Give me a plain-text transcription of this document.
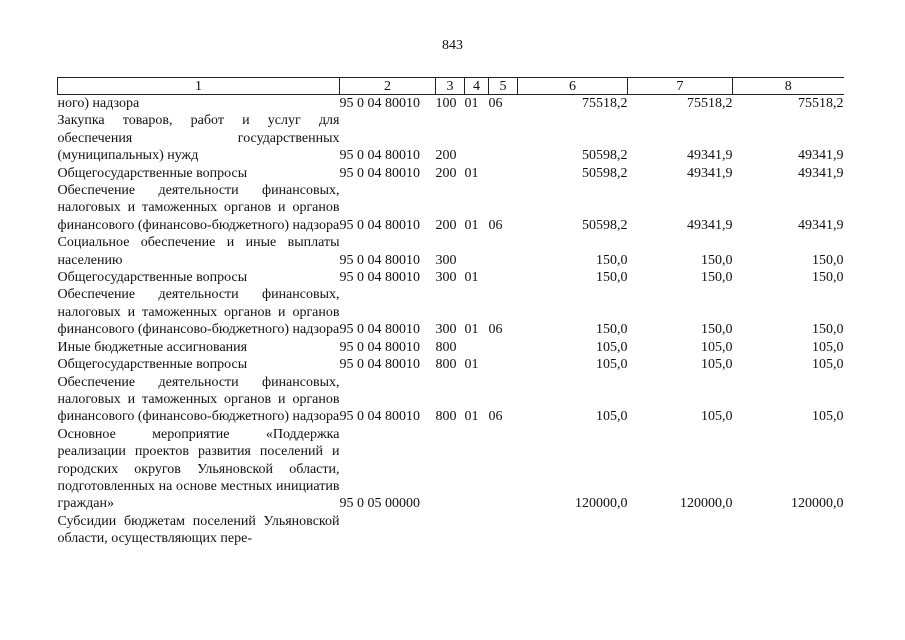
843
1	2	3	4	5	6	7	8
ного) надзора	95 0 04 80010	100	01	06	75518,2	75518,2	75518,2
Закупка товаров, работ и услуг для обеспечения государственных (муниципальных) нужд	95 0 04 80010	200			50598,2	49341,9	49341,9
Общегосударственные вопросы	95 0 04 80010	200	01		50598,2	49341,9	49341,9
Обеспечение деятельности финансовых, налоговых и таможенных органов и органов финансового (финансово-бюджетного) надзора	95 0 04 80010	200	01	06	50598,2	49341,9	49341,9
Социальное обеспечение и иные выплаты населению	95 0 04 80010	300			150,0	150,0	150,0
Общегосударственные вопросы	95 0 04 80010	300	01		150,0	150,0	150,0
Обеспечение деятельности финансовых, налоговых и таможенных органов и органов финансового (финансово-бюджетного) надзора	95 0 04 80010	300	01	06	150,0	150,0	150,0
Иные бюджетные ассигнования	95 0 04 80010	800			105,0	105,0	105,0
Общегосударственные вопросы	95 0 04 80010	800	01		105,0	105,0	105,0
Обеспечение деятельности финансовых, налоговых и таможенных органов и органов финансового (финансово-бюджетного) надзора	95 0 04 80010	800	01	06	105,0	105,0	105,0
Основное мероприятие «Поддержка реализации проектов развития поселений и городских округов Ульяновской области, подготовленных на основе местных инициатив граждан»	95 0 05 00000				120000,0	120000,0	120000,0
Субсидии бюджетам поселений Ульяновской области, осуществляющих пере-							
